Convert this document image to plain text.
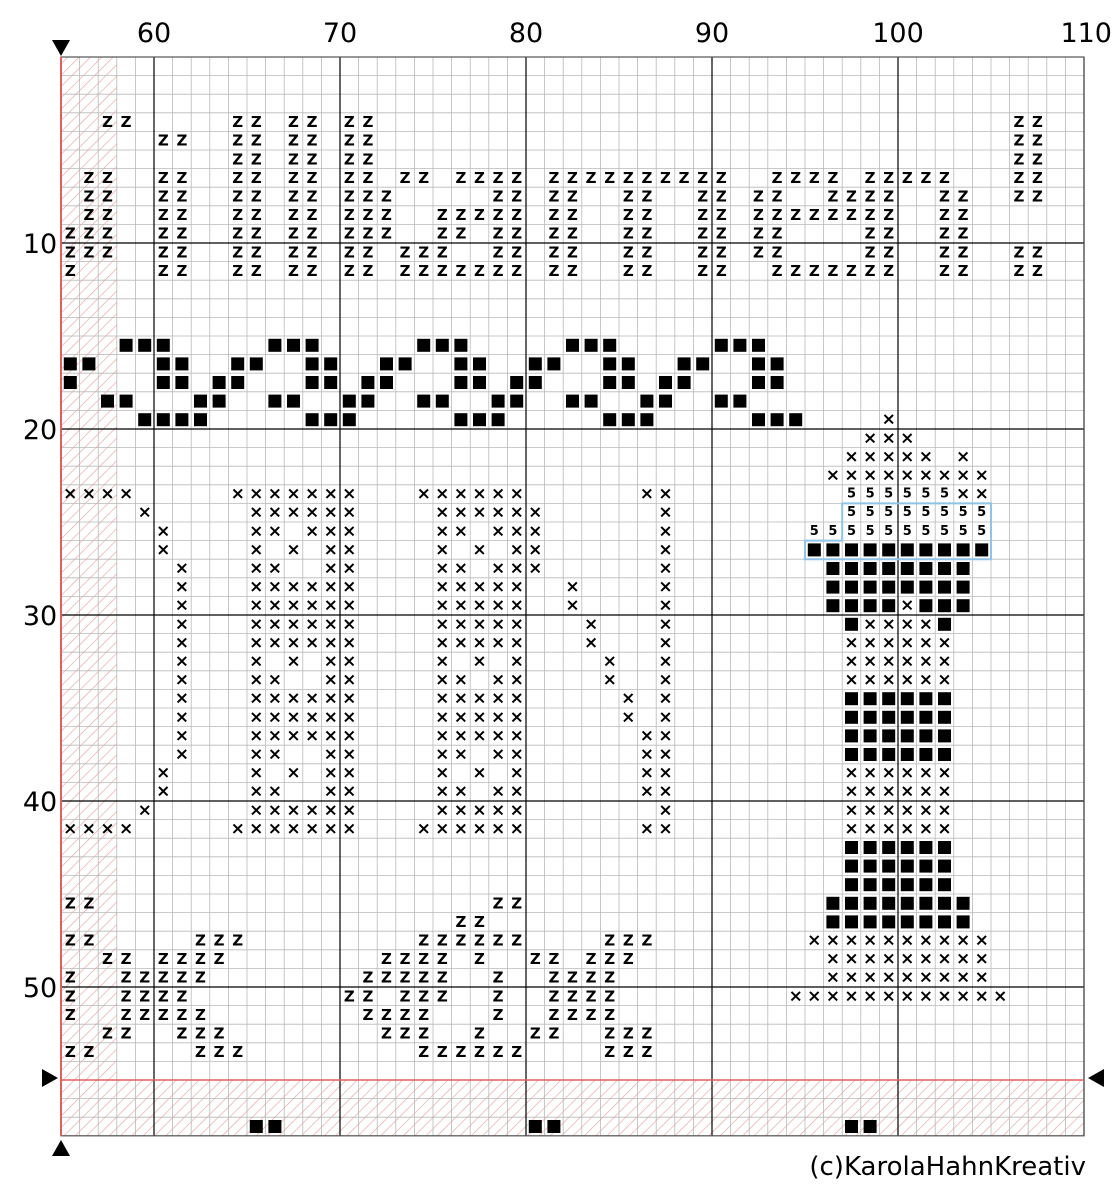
Z Z	Z Z Z Z Z Z	Z Z
Z Z	Z Z Z Z Z Z	Z Z
Z Z Z Z Z Z	Z Z
Z Z	Z Z	Z Z Z Z Z Z Z Z Z Z Z Z Z Z Z Z Z Z Z Z Z Z	Z Z Z Z Z Z Z Z Z	Z Z
Z Z	Z Z	Z Z Z Z Z Z Z	Z Z Z Z	Z Z	Z Z Z Z	Z Z Z Z	Z Z	Z Z
Z Z	Z Z	Z Z Z Z Z Z Z	Z Z Z Z Z Z Z	Z Z	Z Z Z Z Z Z Z Z Z Z	Z Z
Z Z Z	Z Z	Z Z Z Z Z Z Z	Z Z Z Z Z Z	Z Z	Z Z Z Z	Z Z	Z Z
Z Z Z	Z Z	Z Z Z Z Z Z Z Z Z	Z Z Z Z	Z Z	Z Z Z Z	Z Z	Z Z	Z Z
Z	Z Z	Z Z Z Z Z Z Z Z Z Z Z Z Z Z Z	Z Z	Z Z	Z Z Z Z Z Z Z	Z Z	Z Z
×
× × ×
× × × × × ×
× × × × × × × × ×
× × × ×	× × × × × × ×	× × × × × ×	× ×	× ×
5 5 5 5 5 5
×	× × × × × ×	× × × × × ×	×	5 5 5 5 5 5 5 5
×	× × × × ×	× × × × ×	×	5 5 5 5 5 5 5 5 5 5
×	× × × ×	× × × ×	×
×	× × × ×	× × × × ×	×
×	× × × × × ×	× × × × × ×	×
×	× × × × × ×	× × × × × ×	×	×
×	× × × × × ×	× × × × ×	×	×	× × × ×
×	× × × × × ×	× × × × ×	×	×	× × × × × ×
×	× × × ×	× × ×	× ×	× × × × × ×
×	× × × ×	× × × ×	× ×	× × × × × ×
×	× × × × × ×	× × × × ×	× ×
×	× × × × × ×	× × × × ×	× ×
×	× × × × × ×	× × × × ×	× ×
×	× × × ×	× × × ×	× ×
×	× × × ×	× × ×	× ×	× × × × × ×
×	× × × ×	× × × ×	× ×	× × × × × ×
×	× × × × × ×	× × × × ×	×	× × × × × ×
× × × ×	× × × × × × ×	× × × × × ×	× ×	× × × × × ×
Z Z	Z Z
Z Z
Z Z	Z Z Z	Z Z Z Z Z Z	Z Z Z	× × × × × × × × × ×
Z Z Z Z Z Z	Z Z Z Z Z	Z Z Z Z Z	× × × × × × × × ×
Z	Z Z Z Z Z	Z Z Z Z Z	Z	Z Z Z Z	× × × × × × × × ×
Z	Z Z Z Z	Z Z Z Z Z	Z	Z Z Z Z	× × × × × × × × × × × ×
Z	Z Z Z Z Z	Z Z Z Z	Z	Z Z Z Z
Z Z	Z Z Z	Z Z Z	Z	Z Z	Z Z Z
Z Z	Z Z Z	Z Z Z Z Z Z	Z Z Z
60	70	80	90	100	110
10
20
30
40
50
(c)KarolaHahnKreativ
